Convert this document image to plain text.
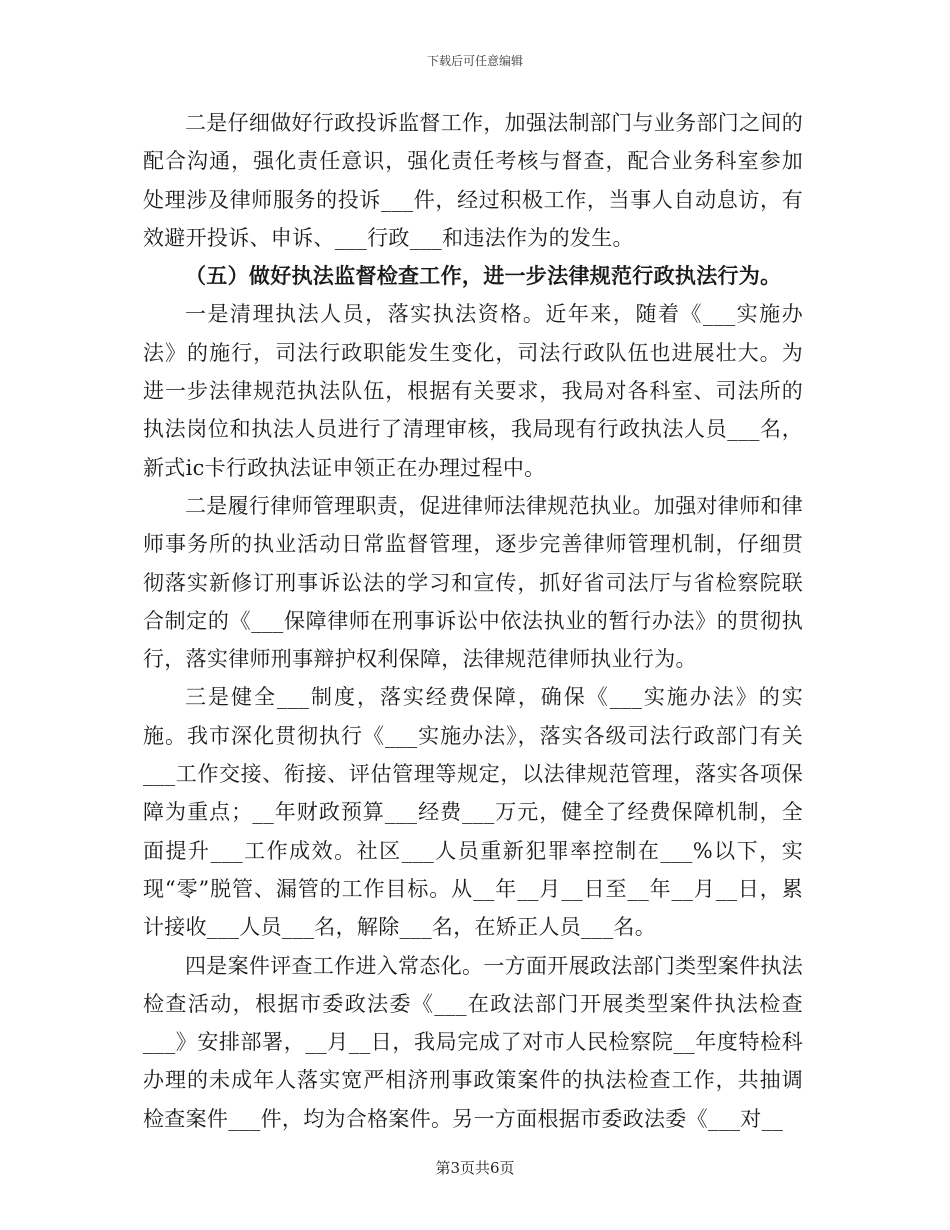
下载后可任意编辑

二是仔细做好行政投诉监督工作，加强法制部门与业务部门之间的配合沟通，强化责任意识，强化责任考核与督查，配合业务科室参加处理涉及律师服务的投诉___件，经过积极工作，当事人自动息访，有效避开投诉、申诉、___行政___和违法作为的发生。

（五）做好执法监督检查工作，进一步法律规范行政执法行为。

一是清理执法人员，落实执法资格。近年来，随着《___实施办法》的施行，司法行政职能发生变化，司法行政队伍也进展壮大。为进一步法律规范执法队伍，根据有关要求，我局对各科室、司法所的执法岗位和执法人员进行了清理审核，我局现有行政执法人员___名，新式ic卡行政执法证申领正在办理过程中。

二是履行律师管理职责，促进律师法律规范执业。加强对律师和律师事务所的执业活动日常监督管理，逐步完善律师管理机制，仔细贯彻落实新修订刑事诉讼法的学习和宣传，抓好省司法厅与省检察院联合制定的《___保障律师在刑事诉讼中依法执业的暂行办法》的贯彻执行，落实律师刑事辩护权利保障，法律规范律师执业行为。

三是健全___制度，落实经费保障，确保《___实施办法》的实施。我市深化贯彻执行《___实施办法》，落实各级司法行政部门有关___工作交接、衔接、评估管理等规定，以法律规范管理，落实各项保障为重点；__年财政预算___经费___万元，健全了经费保障机制，全面提升___工作成效。社区___人员重新犯罪率控制在___%以下，实现“零”脱管、漏管的工作目标。从__年__月__日至__年__月__日，累计接收___人员___名，解除___名，在矫正人员___名。

四是案件评查工作进入常态化。一方面开展政法部门类型案件执法检查活动，根据市委政法委《___在政法部门开展类型案件执法检查___》安排部署，__月__日，我局完成了对市人民检察院__年度特检科办理的未成年人落实宽严相济刑事政策案件的执法检查工作，共抽调检查案件___件，均为合格案件。另一方面根据市委政法委《___对__

第3页共6页
